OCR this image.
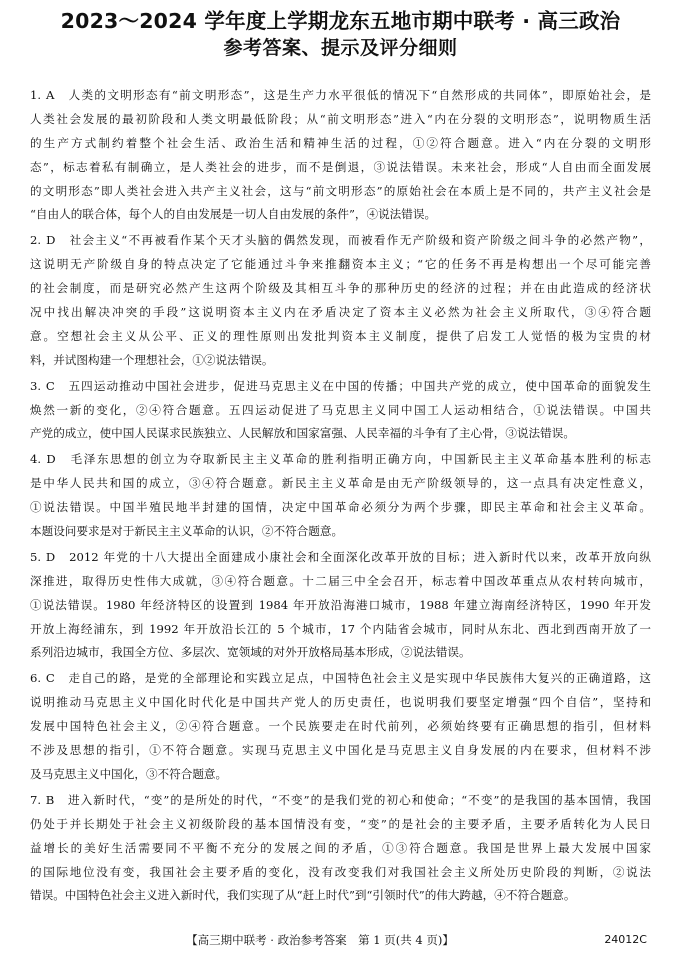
2023～2024 学年度上学期龙东五地市期中联考 · 高三政治
参考答案、提示及评分细则
1. A　人类的文明形态有“前文明形态”，这是生产力水平很低的情况下“自然形成的共同体”，即原始社会，是
人类社会发展的最初阶段和人类文明最低阶段；从“前文明形态”进入“内在分裂的文明形态”，说明物质生活
的生产方式制约着整个社会生活、政治生活和精神生活的过程，①②符合题意。进入“内在分裂的文明形
态”，标志着私有制确立，是人类社会的进步，而不是倒退，③说法错误。未来社会，形成“人自由而全面发展
的文明形态”即人类社会进入共产主义社会，这与“前文明形态”的原始社会在本质上是不同的，共产主义社会是
“自由人的联合体，每个人的自由发展是一切人自由发展的条件”，④说法错误。
2. D　社会主义“不再被看作某个天才头脑的偶然发现，而被看作无产阶级和资产阶级之间斗争的必然产物”，
这说明无产阶级自身的特点决定了它能通过斗争来推翻资本主义；“它的任务不再是构想出一个尽可能完善
的社会制度，而是研究必然产生这两个阶级及其相互斗争的那种历史的经济的过程；并在由此造成的经济状
况中找出解决冲突的手段”这说明资本主义内在矛盾决定了资本主义必然为社会主义所取代，③④符合题
意。空想社会主义从公平、正义的理性原则出发批判资本主义制度，提供了启发工人觉悟的极为宝贵的材
料，并试图构建一个理想社会，①②说法错误。
3. C　五四运动推动中国社会进步，促进马克思主义在中国的传播；中国共产党的成立，使中国革命的面貌发生
焕然一新的变化，②④符合题意。五四运动促进了马克思主义同中国工人运动相结合，①说法错误。中国共
产党的成立，使中国人民谋求民族独立、人民解放和国家富强、人民幸福的斗争有了主心骨，③说法错误。
4. D　毛泽东思想的创立为夺取新民主主义革命的胜利指明正确方向，中国新民主主义革命基本胜利的标志
是中华人民共和国的成立，③④符合题意。新民主主义革命是由无产阶级领导的，这一点具有决定性意义，
①说法错误。中国半殖民地半封建的国情，决定中国革命必须分为两个步骤，即民主革命和社会主义革命。
本题设问要求是对于新民主主义革命的认识，②不符合题意。
5. D　2012 年党的十八大提出全面建成小康社会和全面深化改革开放的目标；进入新时代以来，改革开放向纵
深推进，取得历史性伟大成就，③④符合题意。十二届三中全会召开，标志着中国改革重点从农村转向城市，
①说法错误。1980 年经济特区的设置到 1984 年开放沿海港口城市，1988 年建立海南经济特区，1990 年开发
开放上海经浦东，到 1992 年开放沿长江的 5 个城市，17 个内陆省会城市，同时从东北、西北到西南开放了一
系列沿边城市，我国全方位、多层次、宽领域的对外开放格局基本形成，②说法错误。
6. C　走自己的路，是党的全部理论和实践立足点，中国特色社会主义是实现中华民族伟大复兴的正确道路，这
说明推动马克思主义中国化时代化是中国共产党人的历史责任，也说明我们要坚定增强“四个自信”，坚持和
发展中国特色社会主义，②④符合题意。一个民族要走在时代前列，必须始终要有正确思想的指引，但材料
不涉及思想的指引，①不符合题意。实现马克思主义中国化是马克思主义自身发展的内在要求，但材料不涉
及马克思主义中国化，③不符合题意。
7. B　进入新时代，“变”的是所处的时代，“不变”的是我们党的初心和使命；“不变”的是我国的基本国情，我国
仍处于并长期处于社会主义初级阶段的基本国情没有变，“变”的是社会的主要矛盾，主要矛盾转化为人民日
益增长的美好生活需要同不平衡不充分的发展之间的矛盾，①③符合题意。我国是世界上最大发展中国家
的国际地位没有变，我国社会主要矛盾的变化，没有改变我们对我国社会主义所处历史阶段的判断，②说法
错误。中国特色社会主义进入新时代，我们实现了从“赶上时代”到“引领时代”的伟大跨越，④不符合题意。
【高三期中联考 · 政治参考答案　第 1 页(共 4 页)】	24012C
